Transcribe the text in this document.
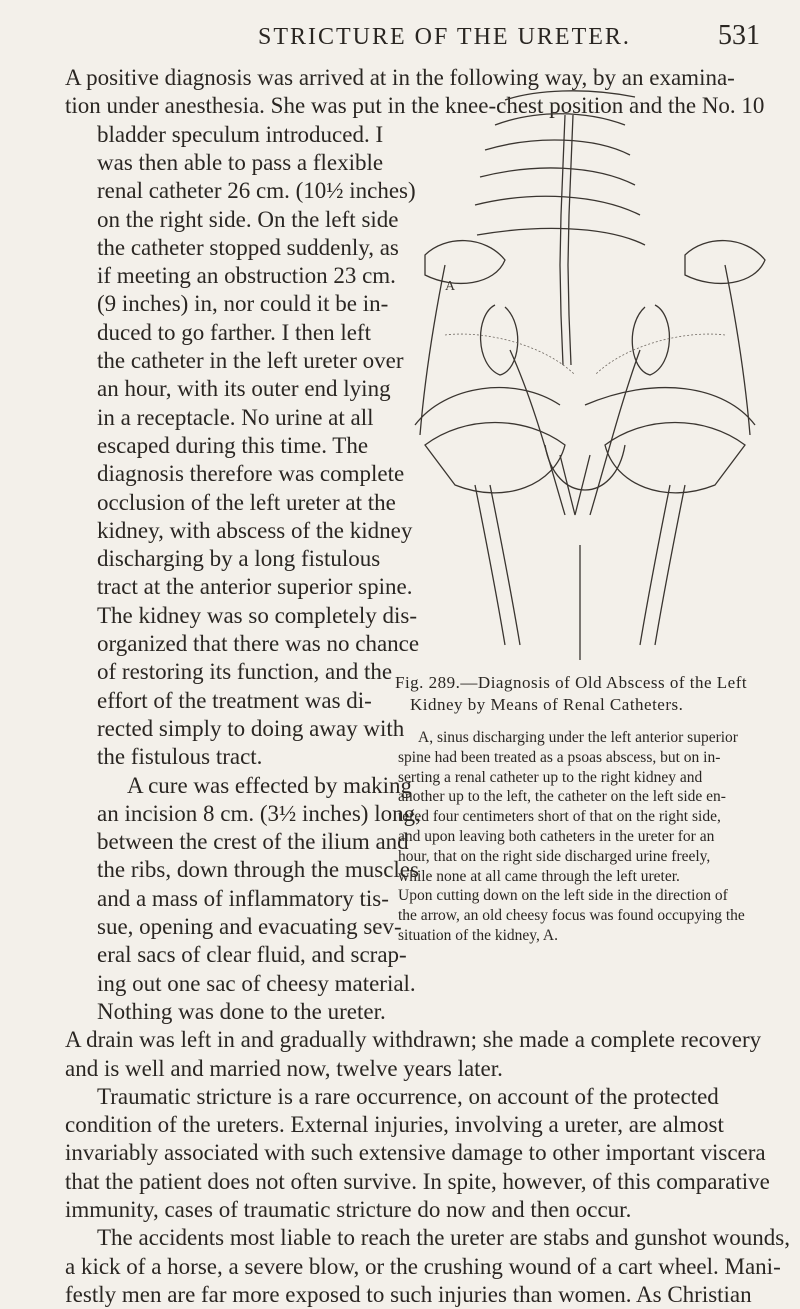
STRICTURE OF THE URETER.	531
A positive diagnosis was arrived at in the following way, by an examina-
tion under anesthesia. She was put in the knee-chest position and the No. 10
bladder speculum introduced. I
was then able to pass a flexible
renal catheter 26 cm. (10½ inches)
on the right side. On the left side
the catheter stopped suddenly, as
if meeting an obstruction 23 cm.
(9 inches) in, nor could it be in-
duced to go farther. I then left
the catheter in the left ureter over
an hour, with its outer end lying
in a receptacle. No urine at all
escaped during this time. The
diagnosis therefore was complete
occlusion of the left ureter at the
kidney, with abscess of the kidney
discharging by a long fistulous
tract at the anterior superior spine.
The kidney was so completely dis-
organized that there was no chance
of restoring its function, and the
effort of the treatment was di-
rected simply to doing away with
the fistulous tract.
A cure was effected by making
an incision 8 cm. (3½ inches) long,
between the crest of the ilium and
the ribs, down through the muscles
and a mass of inflammatory tis-
sue, opening and evacuating sev-
eral sacs of clear fluid, and scrap-
ing out one sac of cheesy material.
Nothing was done to the ureter.
A
Fig. 289.—Diagnosis of Old Abscess of the Left
Kidney by Means of Renal Catheters.
A, sinus discharging under the left anterior superior
spine had been treated as a psoas abscess, but on in-
serting a renal catheter up to the right kidney and
another up to the left, the catheter on the left side en-
tered four centimeters short of that on the right side,
and upon leaving both catheters in the ureter for an
hour, that on the right side discharged urine freely,
while none at all came through the left ureter.
Upon cutting down on the left side in the direction of
the arrow, an old cheesy focus was found occupying the
situation of the kidney, A.
A drain was left in and gradually withdrawn; she made a complete recovery
and is well and married now, twelve years later.
Traumatic stricture is a rare occurrence, on account of the protected
condition of the ureters. External injuries, involving a ureter, are almost
invariably associated with such extensive damage to other important viscera
that the patient does not often survive. In spite, however, of this comparative
immunity, cases of traumatic stricture do now and then occur.
The accidents most liable to reach the ureter are stabs and gunshot wounds,
a kick of a horse, a severe blow, or the crushing wound of a cart wheel. Mani-
festly men are far more exposed to such injuries than women. As Christian
